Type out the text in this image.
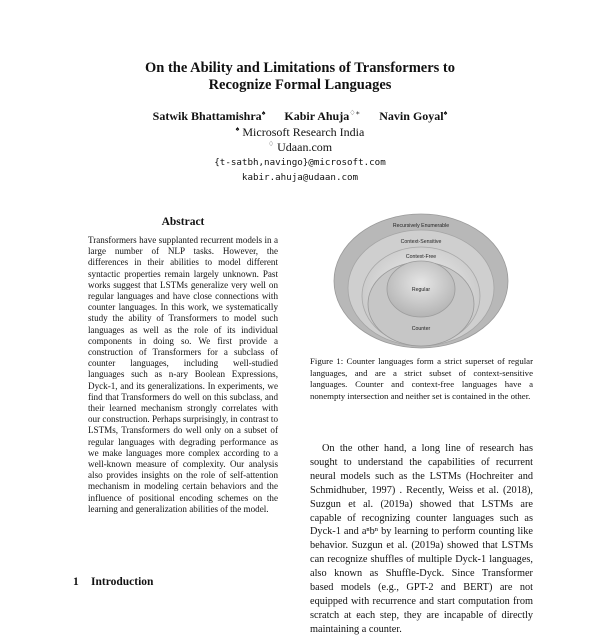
On the Ability and Limitations of Transformers to
Recognize Formal Languages
Satwik Bhattamishra♠ Kabir Ahuja♢∗ Navin Goyal♠
♠ Microsoft Research India
♢ Udaan.com
{t-satbh,navingo}@microsoft.com
kabir.ahuja@udaan.com
Abstract
Transformers have supplanted recurrent models in a large number of NLP tasks. However, the differences in their abilities to model different syntactic properties remain largely unknown. Past works suggest that LSTMs generalize very well on regular languages and have close connections with counter languages. In this work, we systematically study the ability of Transformers to model such languages as well as the role of its individual components in doing so. We first provide a construction of Transformers for a subclass of counter languages, including well-studied languages such as n-ary Boolean Expressions, Dyck-1, and its generalizations. In experiments, we find that Transformers do well on this subclass, and their learned mechanism strongly correlates with our construction. Perhaps surprisingly, in contrast to LSTMs, Transformers do well only on a subset of regular languages with degrading performance as we make languages more complex according to a well-known measure of complexity. Our analysis also provides insights on the role of self-attention mechanism in modeling certain behaviors and the influence of positional encoding schemes on the learning and generalization abilities of the model.
1 Introduction
Recursively Enumerable
Context-Sensitive
Context-Free
Regular
Counter
Figure 1: Counter languages form a strict superset of regular languages, and are a strict subset of context-sensitive languages. Counter and context-free languages have a nonempty intersection and neither set is contained in the other.
On the other hand, a long line of research has sought to understand the capabilities of recurrent neural models such as the LSTMs (Hochreiter and Schmidhuber, 1997) . Recently, Weiss et al. (2018), Suzgun et al. (2019a) showed that LSTMs are capable of recognizing counter languages such as Dyck-1 and aⁿbⁿ by learning to perform counting like behavior. Suzgun et al. (2019a) showed that LSTMs can recognize shuffles of multiple Dyck-1 languages, also known as Shuffle-Dyck. Since Transformer based models (e.g., GPT-2 and BERT) are not equipped with recurrence and start computation from scratch at each step, they are incapable of directly maintaining a counter.
